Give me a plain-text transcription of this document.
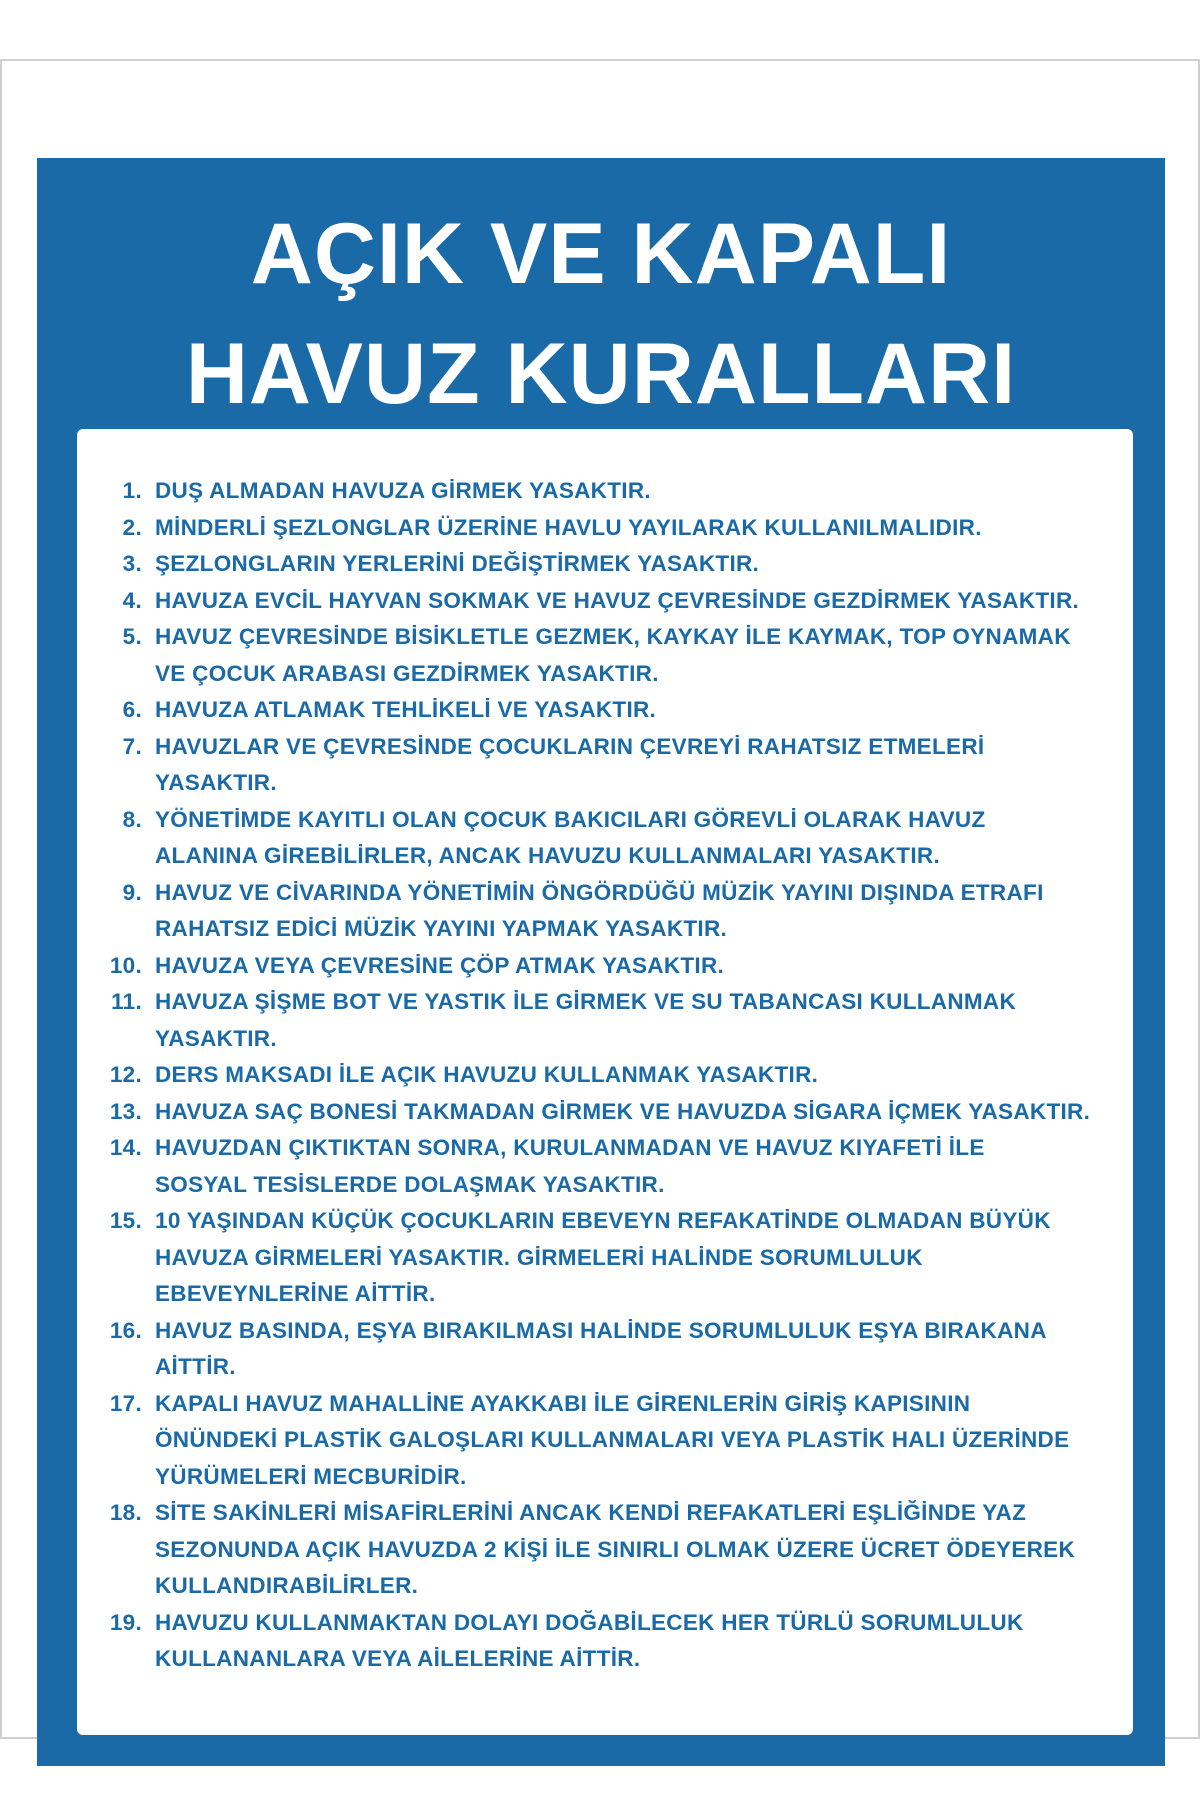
AÇIK VE KAPALI
HAVUZ KURALLARI
1. DUŞ ALMADAN HAVUZA GİRMEK YASAKTIR.
2. MİNDERLİ ŞEZLONGLAR ÜZERİNE HAVLU YAYILARAK KULLANILMALIDIR.
3. ŞEZLONGLARIN YERLERİNİ DEĞİŞTİRMEK YASAKTIR.
4. HAVUZA EVCİL HAYVAN SOKMAK VE HAVUZ ÇEVRESİNDE GEZDİRMEK YASAKTIR.
5. HAVUZ ÇEVRESİNDE BİSİKLETLE GEZMEK, KAYKAY İLE KAYMAK, TOP OYNAMAK
VE ÇOCUK ARABASI GEZDİRMEK YASAKTIR.
6. HAVUZA ATLAMAK TEHLİKELİ VE YASAKTIR.
7. HAVUZLAR VE ÇEVRESİNDE ÇOCUKLARIN ÇEVREYİ RAHATSIZ ETMELERİ
YASAKTIR.
8. YÖNETİMDE KAYITLI OLAN ÇOCUK BAKICILARI GÖREVLİ OLARAK HAVUZ
ALANINA GİREBİLİRLER, ANCAK HAVUZU KULLANMALARI YASAKTIR.
9. HAVUZ VE CİVARINDA YÖNETİMİN ÖNGÖRDÜĞÜ MÜZİK YAYINI DIŞINDA ETRAFI
RAHATSIZ EDİCİ MÜZİK YAYINI YAPMAK YASAKTIR.
10. HAVUZA VEYA ÇEVRESİNE ÇÖP ATMAK YASAKTIR.
11. HAVUZA ŞİŞME BOT VE YASTIK İLE GİRMEK VE SU TABANCASI KULLANMAK
YASAKTIR.
12. DERS MAKSADI İLE AÇIK HAVUZU KULLANMAK YASAKTIR.
13. HAVUZA SAÇ BONESİ TAKMADAN GİRMEK VE HAVUZDA SİGARA İÇMEK YASAKTIR.
14. HAVUZDAN ÇIKTIKTAN SONRA, KURULANMADAN VE HAVUZ KIYAFETİ İLE
SOSYAL TESİSLERDE DOLAŞMAK YASAKTIR.
15. 10 YAŞINDAN KÜÇÜK ÇOCUKLARIN EBEVEYN REFAKATİNDE OLMADAN BÜYÜK
HAVUZA GİRMELERİ YASAKTIR. GİRMELERİ HALİNDE SORUMLULUK
EBEVEYNLERİNE AİTTİR.
16. HAVUZ BASINDA, EŞYA BIRAKILMASI HALİNDE SORUMLULUK EŞYA BIRAKANA
AİTTİR.
17. KAPALI HAVUZ MAHALLİNE AYAKKABI İLE GİRENLERİN GİRİŞ KAPISININ
ÖNÜNDEKİ PLASTİK GALOŞLARI KULLANMALARI VEYA PLASTİK HALI ÜZERİNDE
YÜRÜMELERİ MECBURİDİR.
18. SİTE SAKİNLERİ MİSAFİRLERİNİ ANCAK KENDİ REFAKATLERİ EŞLİĞİNDE YAZ
SEZONUNDA AÇIK HAVUZDA 2 KİŞİ İLE SINIRLI OLMAK ÜZERE ÜCRET ÖDEYEREK
KULLANDIRABİLİRLER.
19. HAVUZU KULLANMAKTAN DOLAYI DOĞABİLECEK HER TÜRLÜ SORUMLULUK
KULLANANLARA VEYA AİLELERİNE AİTTİR.
